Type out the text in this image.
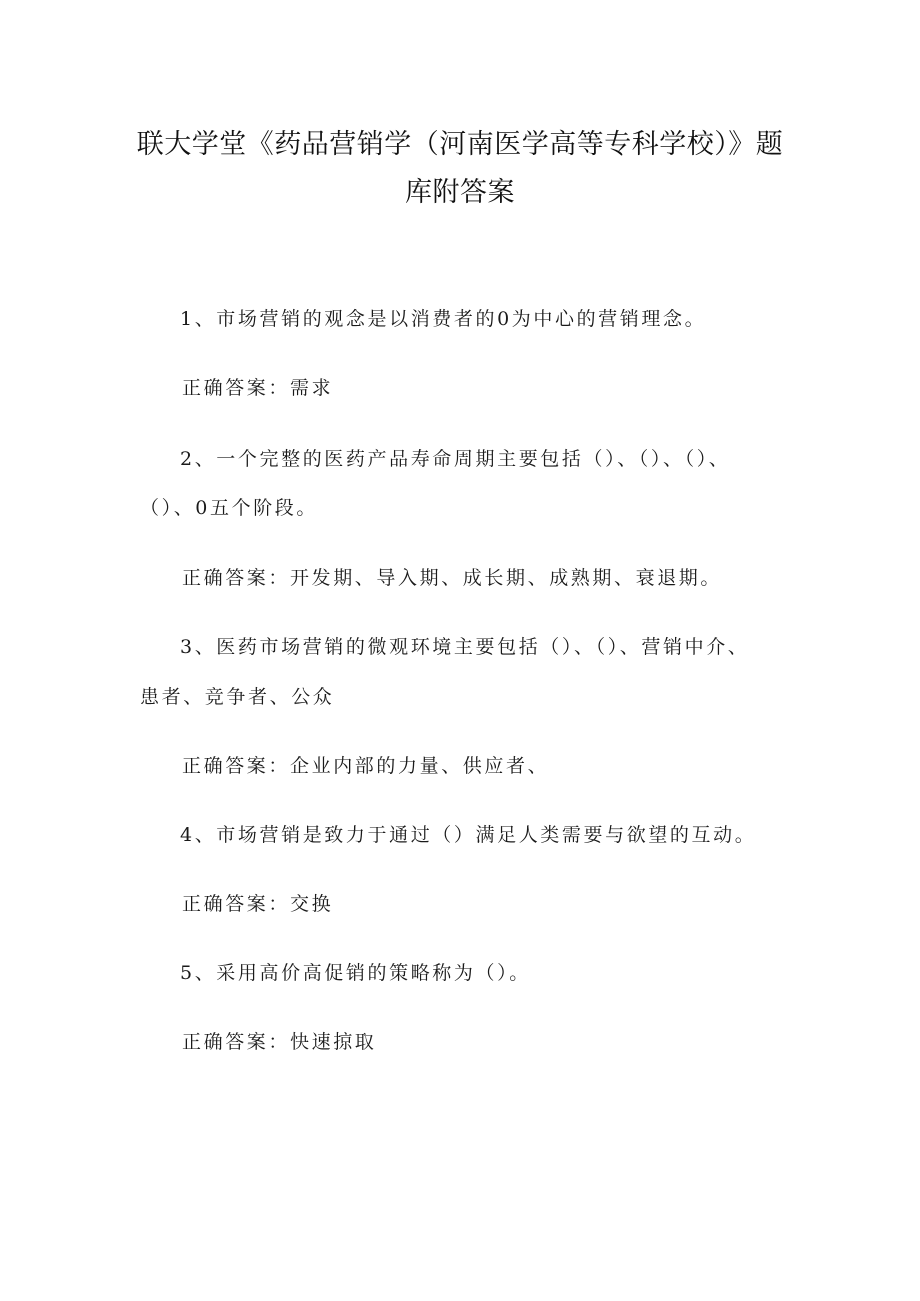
联大学堂《药品营销学（河南医学高等专科学校）》题
库附答案
1、市场营销的观念是以消费者的0为中心的营销理念。
正确答案：需求
2、一个完整的医药产品寿命周期主要包括（）、（）、（）、
（）、0五个阶段。
正确答案：开发期、导入期、成长期、成熟期、衰退期。
3、医药市场营销的微观环境主要包括（）、（）、营销中介、
患者、竞争者、公众
正确答案：企业内部的力量、供应者、
4、市场营销是致力于通过（）满足人类需要与欲望的互动。
正确答案：交换
5、采用高价高促销的策略称为（）。
正确答案：快速掠取
